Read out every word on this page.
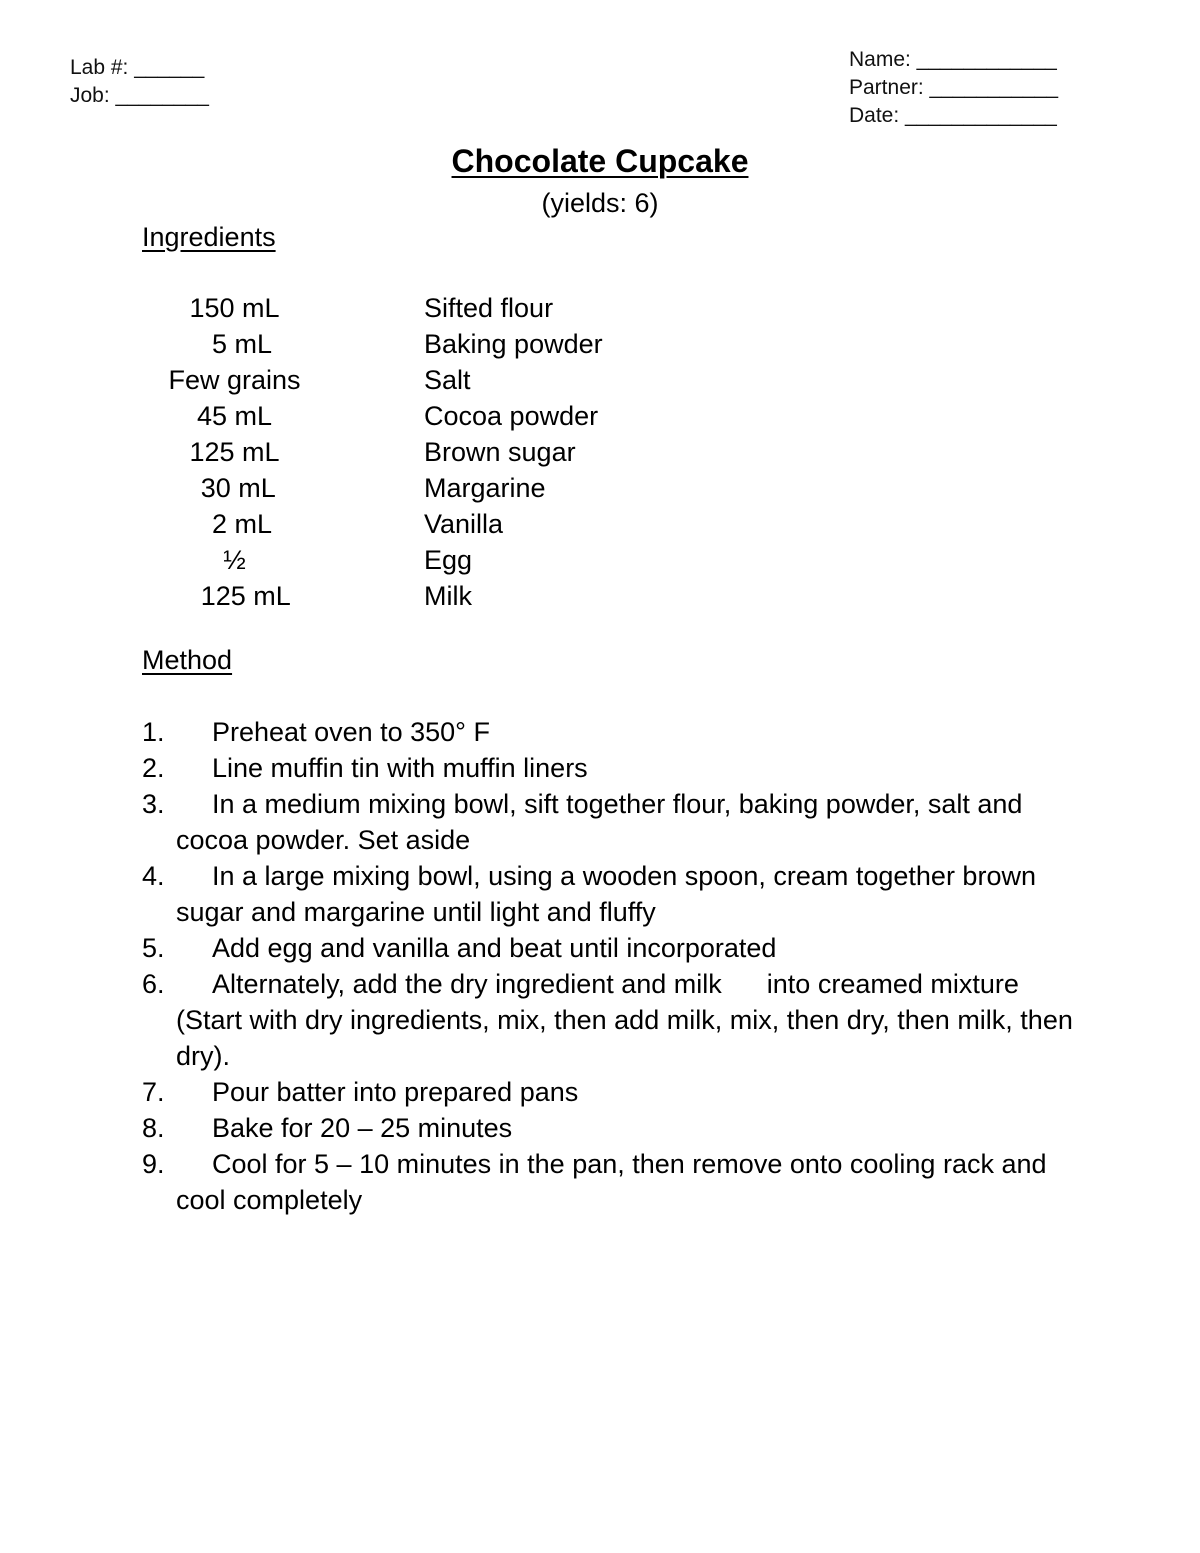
Lab #: ______
Job: ________
Name: ____________
Partner: ___________
Date: _____________
Chocolate Cupcake
(yields: 6)
Ingredients
150 mL	Sifted flour
5 mL	Baking powder
Few grains	Salt
45 mL	Cocoa powder
125 mL	Brown sugar
30 mL	Margarine
2 mL	Vanilla
½	Egg
125 mL	Milk
Method
1.	Preheat oven to 350° F
2.	Line muffin tin with muffin liners
3.	In a medium mixing bowl, sift together flour, baking powder, salt and cocoa powder. Set aside
4.	In a large mixing bowl, using a wooden spoon, cream together brown sugar and margarine until light and fluffy
5.	Add egg and vanilla and beat until incorporated
6.	Alternately, add the dry ingredient and milk      into creamed mixture (Start with dry ingredients, mix, then add milk, mix, then dry, then milk, then dry).
7.	Pour batter into prepared pans
8.	Bake for 20 – 25 minutes
9.	Cool for 5 – 10 minutes in the pan, then remove onto cooling rack and cool completely
